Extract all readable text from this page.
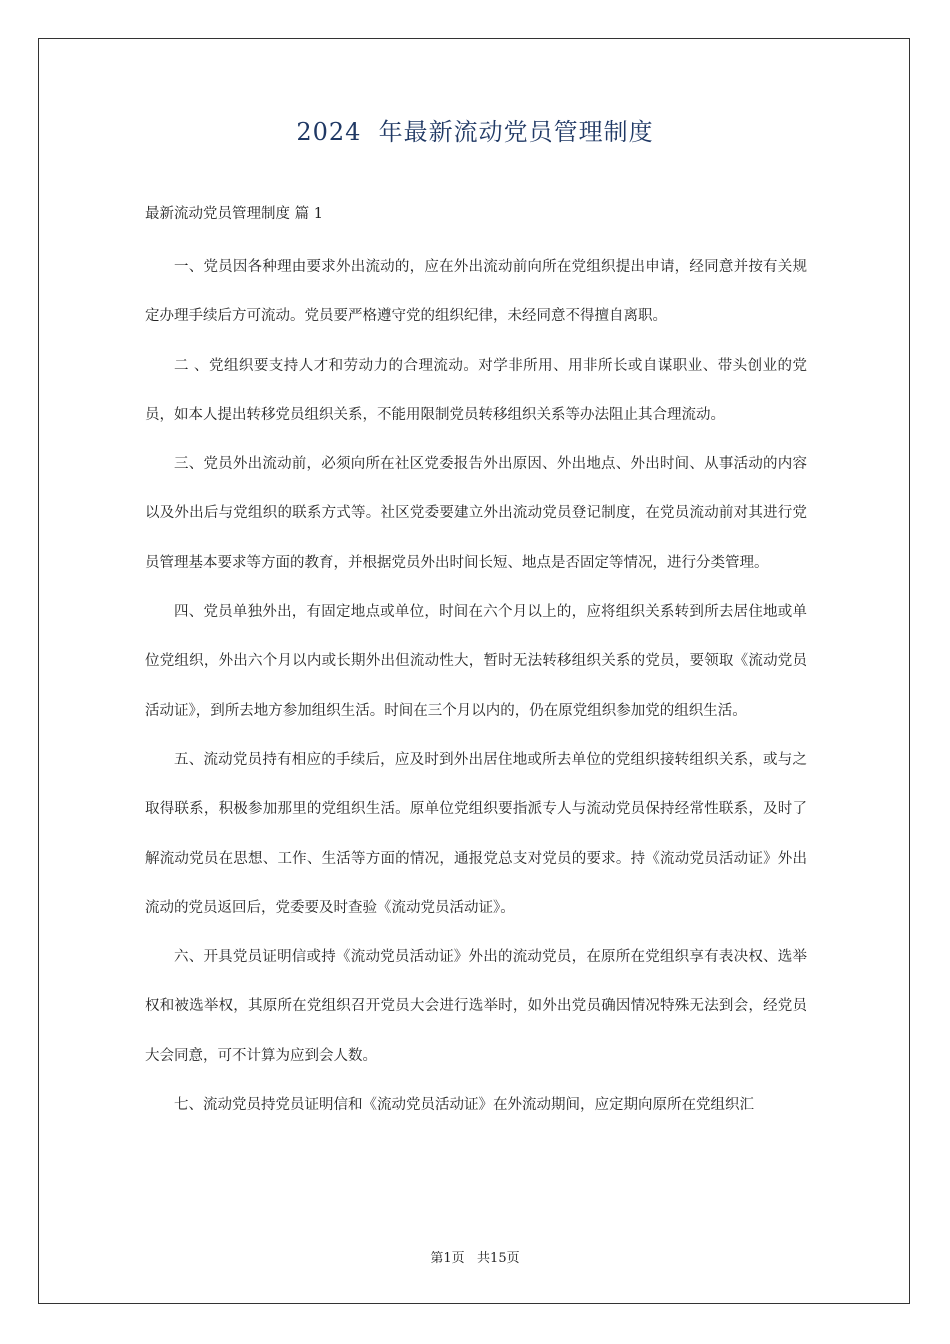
2024  年最新流动党员管理制度
最新流动党员管理制度 篇 1

一、党员因各种理由要求外出流动的，应在外出流动前向所在党组织提出申请，经同意并按有关规定办理手续后方可流动。党员要严格遵守党的组织纪律，未经同意不得擅自离职。

二 、党组织要支持人才和劳动力的合理流动。对学非所用、用非所长或自谋职业、带头创业的党员，如本人提出转移党员组织关系，不能用限制党员转移组织关系等办法阻止其合理流动。

三、党员外出流动前，必须向所在社区党委报告外出原因、外出地点、外出时间、从事活动的内容以及外出后与党组织的联系方式等。社区党委要建立外出流动党员登记制度，在党员流动前对其进行党员管理基本要求等方面的教育，并根据党员外出时间长短、地点是否固定等情况，进行分类管理。

四、党员单独外出，有固定地点或单位，时间在六个月以上的，应将组织关系转到所去居住地或单位党组织，外出六个月以内或长期外出但流动性大，暂时无法转移组织关系的党员，要领取《流动党员活动证》，到所去地方参加组织生活。时间在三个月以内的，仍在原党组织参加党的组织生活。

五、流动党员持有相应的手续后，应及时到外出居住地或所去单位的党组织接转组织关系，或与之取得联系，积极参加那里的党组织生活。原单位党组织要指派专人与流动党员保持经常性联系，及时了解流动党员在思想、工作、生活等方面的情况，通报党总支对党员的要求。持《流动党员活动证》外出流动的党员返回后，党委要及时查验《流动党员活动证》。

六、开具党员证明信或持《流动党员活动证》外出的流动党员，在原所在党组织享有表决权、选举权和被选举权，其原所在党组织召开党员大会进行选举时，如外出党员确因情况特殊无法到会，经党员大会同意，可不计算为应到会人数。

七、流动党员持党员证明信和《流动党员活动证》在外流动期间，应定期向原所在党组织汇

第1页   共15页
